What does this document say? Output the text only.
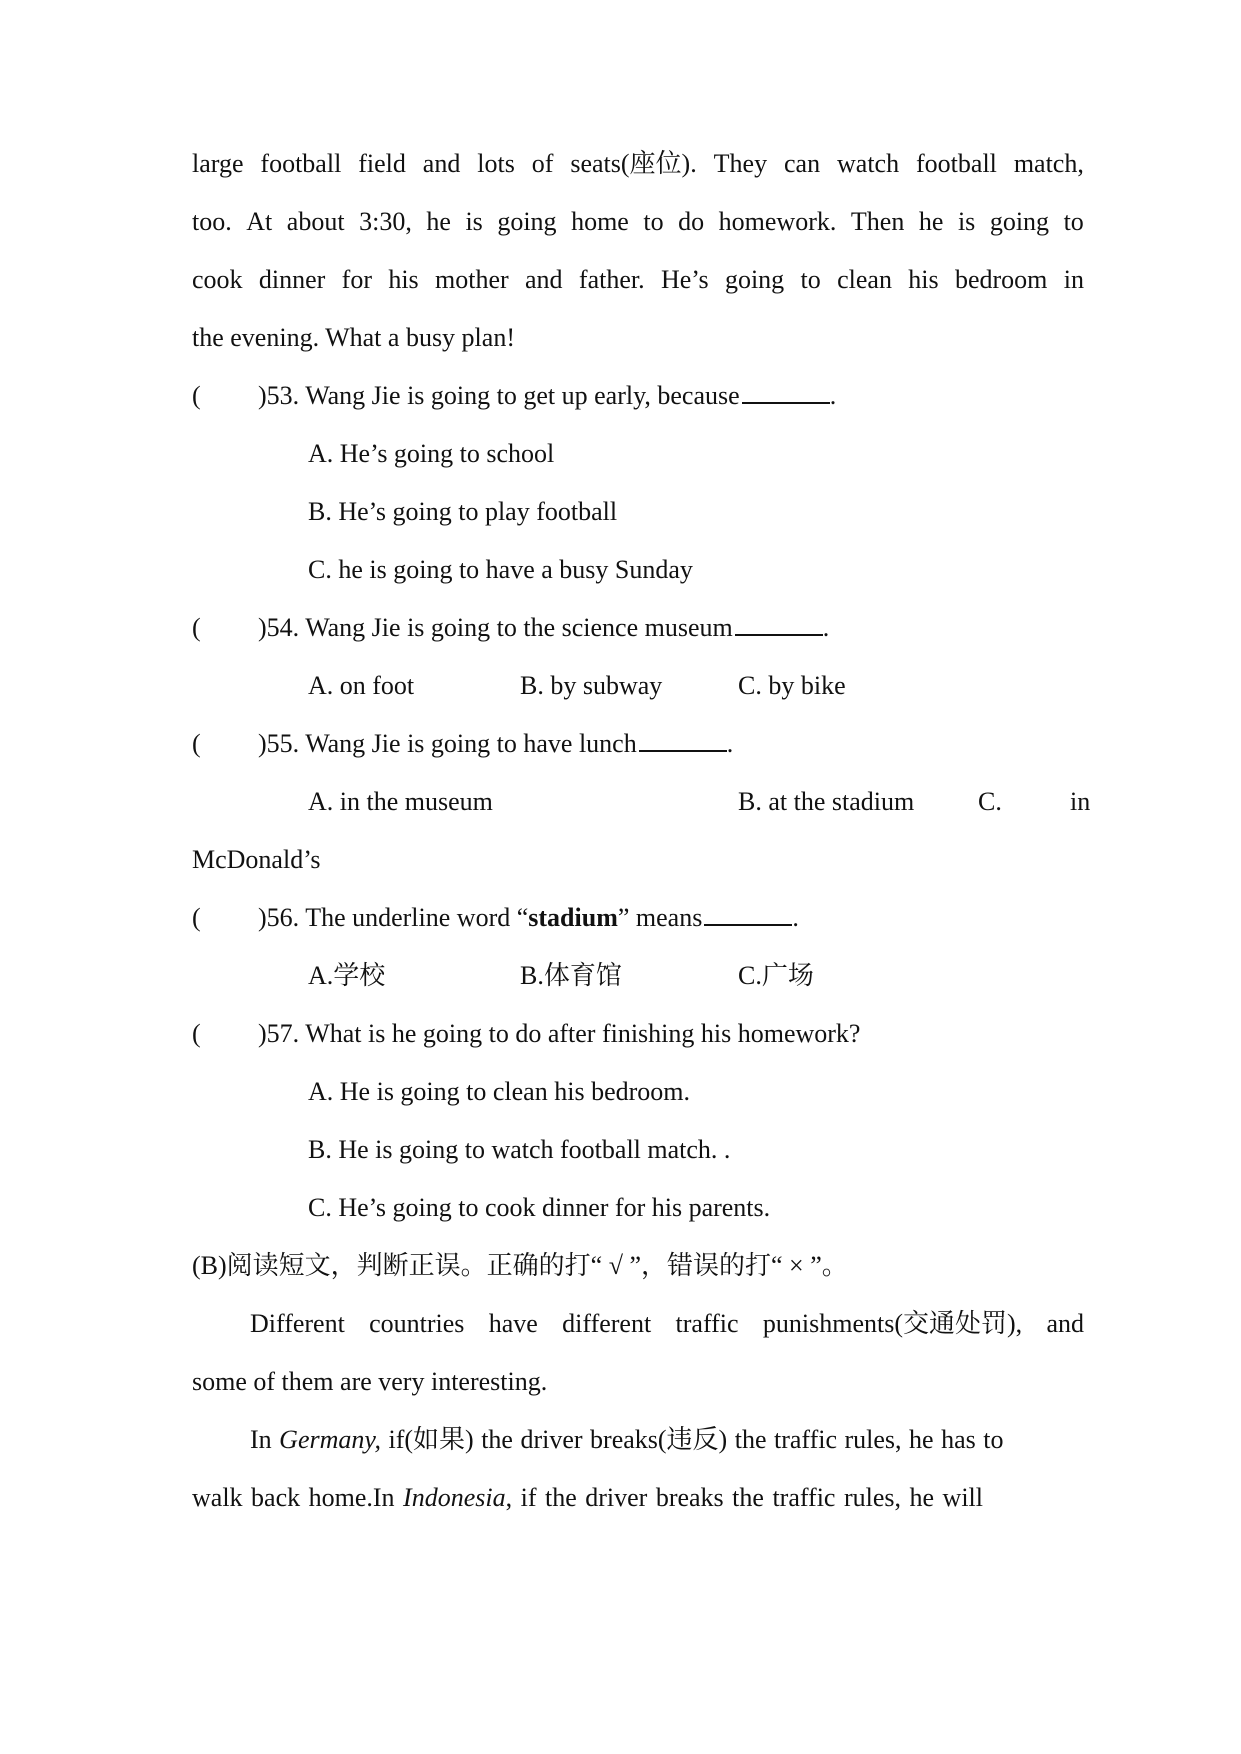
large football field and lots of seats(座位). They can watch football match,
too. At about 3:30, he is going home to do homework. Then he is going to
cook dinner for his mother and father. He’s going to clean his bedroom in
the evening. What a busy plan!
( )53. Wang Jie is going to get up early, because	.
A. He’s going to school
B. He’s going to play football
C. he is going to have a busy Sunday
( )54. Wang Jie is going to the science museum	.
A. on foot	B. by subway	C. by bike
( )55. Wang Jie is going to have lunch	.
A. in the museum	B. at the stadium C.	in
McDonald’s
( )56. The underline word “stadium” means	.
A.学校	B.体育馆	C.广场
( )57. What is he going to do after finishing his homework?
A. He is going to clean his bedroom.
B. He is going to watch football match. .
C. He’s going to cook dinner for his parents.
(B)阅读短文，判断正误。正确的打“ √ ”，错误的打“ × ”。
Different countries have different traffic punishments(交通处罚), and
some of them are very interesting.
In Germany, if(如果) the driver breaks(违反) the traffic rules, he has to
walk back home.In Indonesia, if the driver breaks the traffic rules, he will
